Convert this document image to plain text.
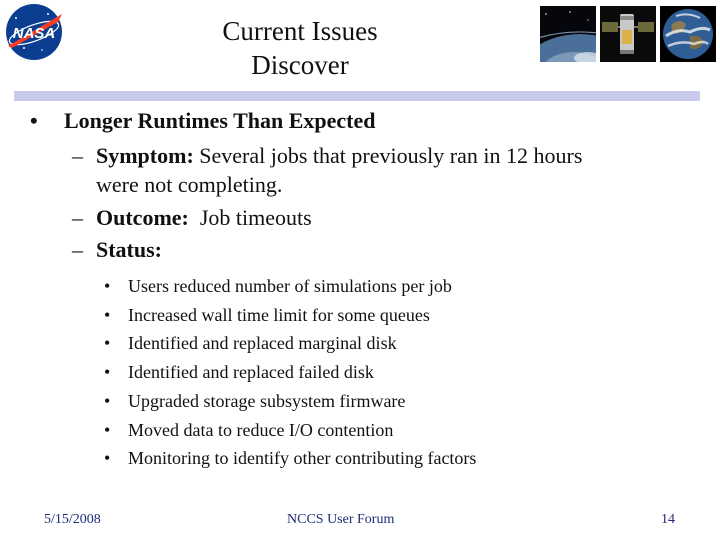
NASA	Current Issues
Discover
• Longer Runtimes Than Expected
– Symptom: Several jobs that previously ran in 12 hours
were not completing.
– Outcome:  Job timeouts
– Status:
• Users reduced number of simulations per job
• Increased wall time limit for some queues
• Identified and replaced marginal disk
• Identified and replaced failed disk
• Upgraded storage subsystem firmware
• Moved data to reduce I/O contention
• Monitoring to identify other contributing factors
5/15/2008	NCCS User Forum	14
